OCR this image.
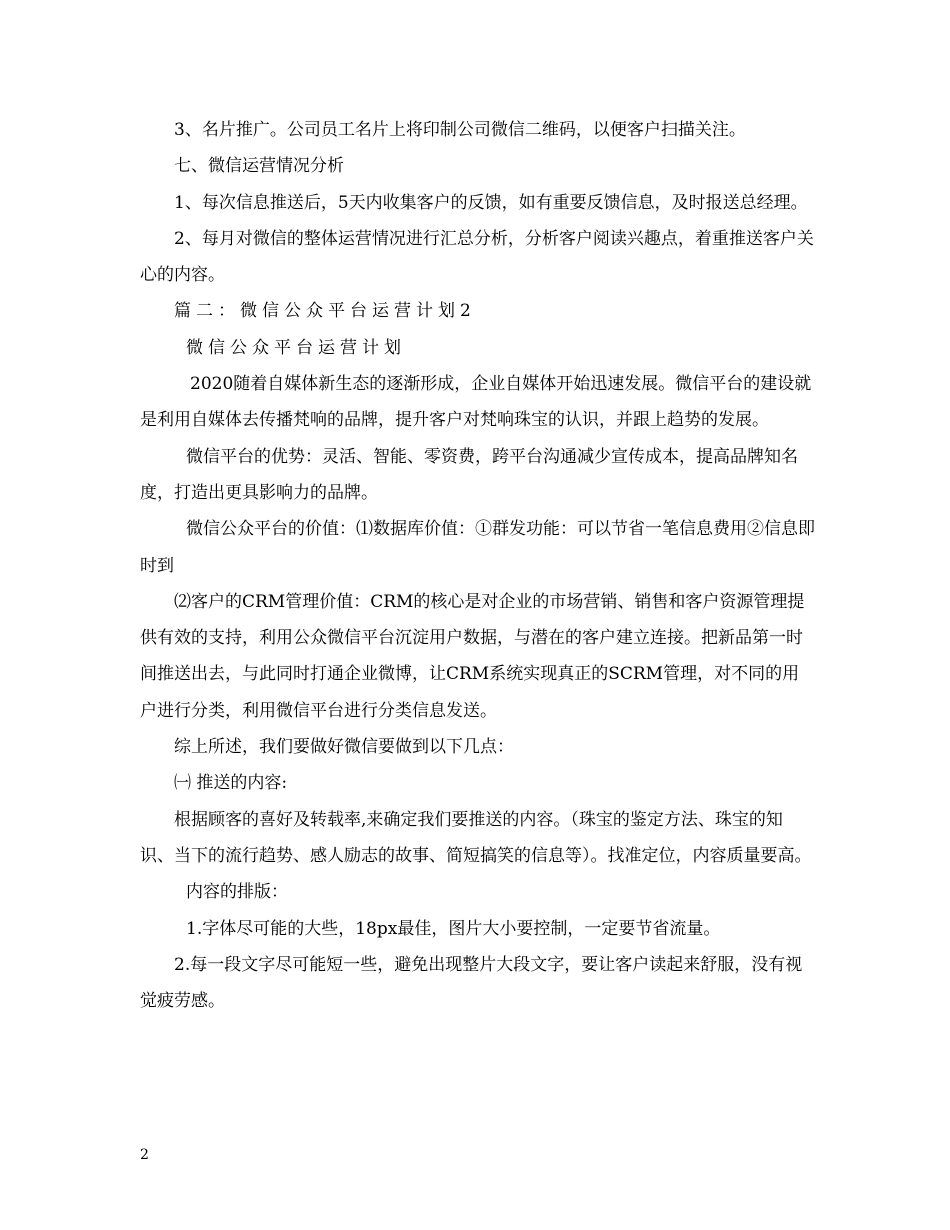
3、名片推广。公司员工名片上将印制公司微信二维码，以便客户扫描关注。

七、微信运营情况分析

1、每次信息推送后，5天内收集客户的反馈，如有重要反馈信息，及时报送总经理。

2、每月对微信的整体运营情况进行汇总分析，分析客户阅读兴趣点，着重推送客户关心的内容。

篇二：微信公众平台运营计划2

微信公众平台运营计划

2020随着自媒体新生态的逐渐形成，企业自媒体开始迅速发展。微信平台的建设就是利用自媒体去传播梵响的品牌，提升客户对梵响珠宝的认识，并跟上趋势的发展。

微信平台的优势：灵活、智能、零资费，跨平台沟通减少宣传成本，提高品牌知名度，打造出更具影响力的品牌。

微信公众平台的价值：⑴数据库价值：①群发功能：可以节省一笔信息费用②信息即时到

⑵客户的CRM管理价值：CRM的核心是对企业的市场营销、销售和客户资源管理提供有效的支持，利用公众微信平台沉淀用户数据，与潜在的客户建立连接。把新品第一时间推送出去，与此同时打通企业微博，让CRM系统实现真正的SCRM管理，对不同的用户进行分类，利用微信平台进行分类信息发送。

综上所述，我们要做好微信要做到以下几点：

㈠ 推送的内容:

根据顾客的喜好及转载率,来确定我们要推送的内容。（珠宝的鉴定方法、珠宝的知识、当下的流行趋势、感人励志的故事、简短搞笑的信息等）。找准定位，内容质量要高。

内容的排版：

1.字体尽可能的大些，18px最佳，图片大小要控制，一定要节省流量。

2.每一段文字尽可能短一些，避免出现整片大段文字，要让客户读起来舒服，没有视觉疲劳感。

2
